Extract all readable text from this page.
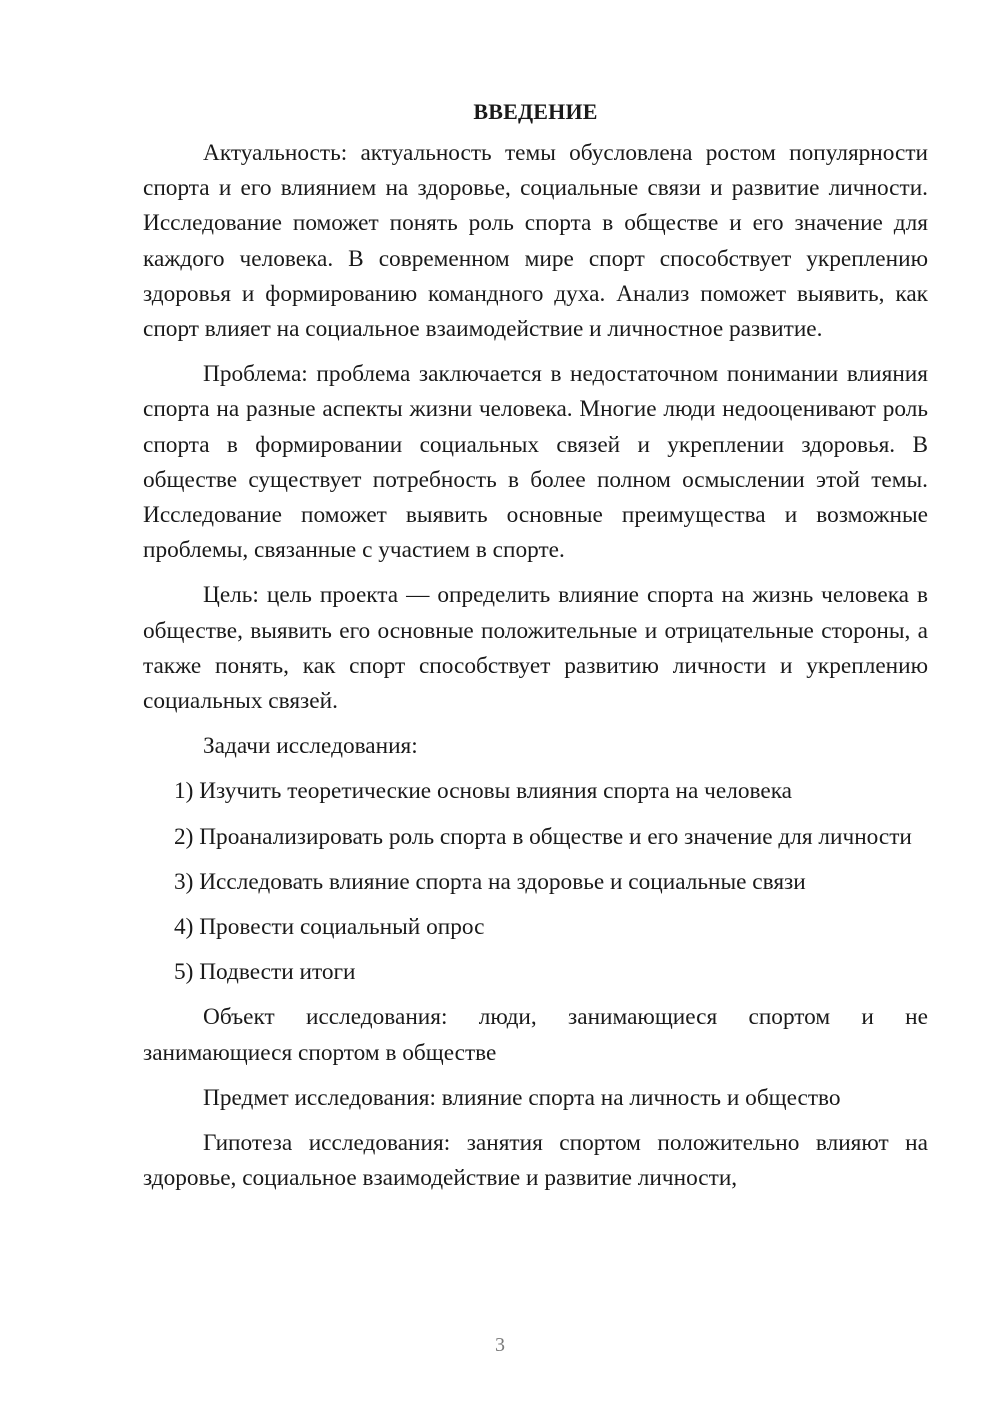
ВВЕДЕНИЕ

Актуальность: актуальность темы обусловлена ростом популярности спорта и его влиянием на здоровье, социальные связи и развитие личности. Исследование поможет понять роль спорта в обществе и его значение для каждого человека. В современном мире спорт способствует укреплению здоровья и формированию командного духа. Анализ поможет выявить, как спорт влияет на социальное взаимодействие и личностное развитие.

Проблема: проблема заключается в недостаточном понимании влияния спорта на разные аспекты жизни человека. Многие люди недооценивают роль спорта в формировании социальных связей и укреплении здоровья. В обществе существует потребность в более полном осмыслении этой темы. Исследование поможет выявить основные преимущества и возможные проблемы, связанные с участием в спорте.

Цель: цель проекта — определить влияние спорта на жизнь человека в обществе, выявить его основные положительные и отрицательные стороны, а также понять, как спорт способствует развитию личности и укреплению социальных связей.

Задачи исследования:

1) Изучить теоретические основы влияния спорта на человека

2) Проанализировать роль спорта в обществе и его значение для личности

3) Исследовать влияние спорта на здоровье и социальные связи

4) Провести социальный опрос

5) Подвести итоги

Объект исследования: люди, занимающиеся спортом и не занимающиеся спортом в обществе

Предмет исследования: влияние спорта на личность и общество

Гипотеза исследования: занятия спортом положительно влияют на здоровье, социальное взаимодействие и развитие личности,

3
